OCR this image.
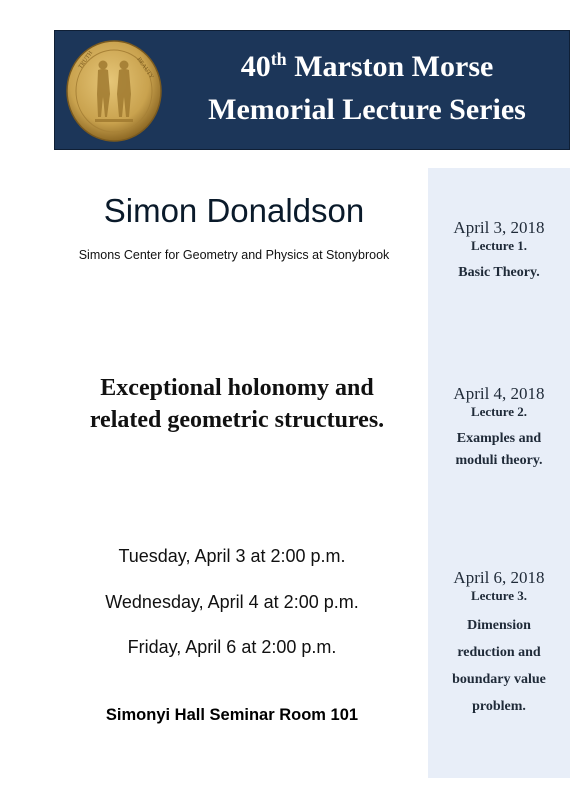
TRUTH	BEAUTY	40th Marston Morse
Memorial Lecture Series
Simon Donaldson
Simons Center for Geometry and Physics at Stonybrook
Exceptional holonomy and
related geometric structures.
Tuesday, April 3 at 2:00 p.m.
Wednesday, April 4 at 2:00 p.m.
Friday, April 6 at 2:00 p.m.
Simonyi Hall Seminar Room 101
April 3, 2018
Lecture 1.
Basic Theory.
April 4, 2018
Lecture 2.
Examples and
moduli theory.
April 6, 2018
Lecture 3.
Dimension
reduction and
boundary value
problem.
